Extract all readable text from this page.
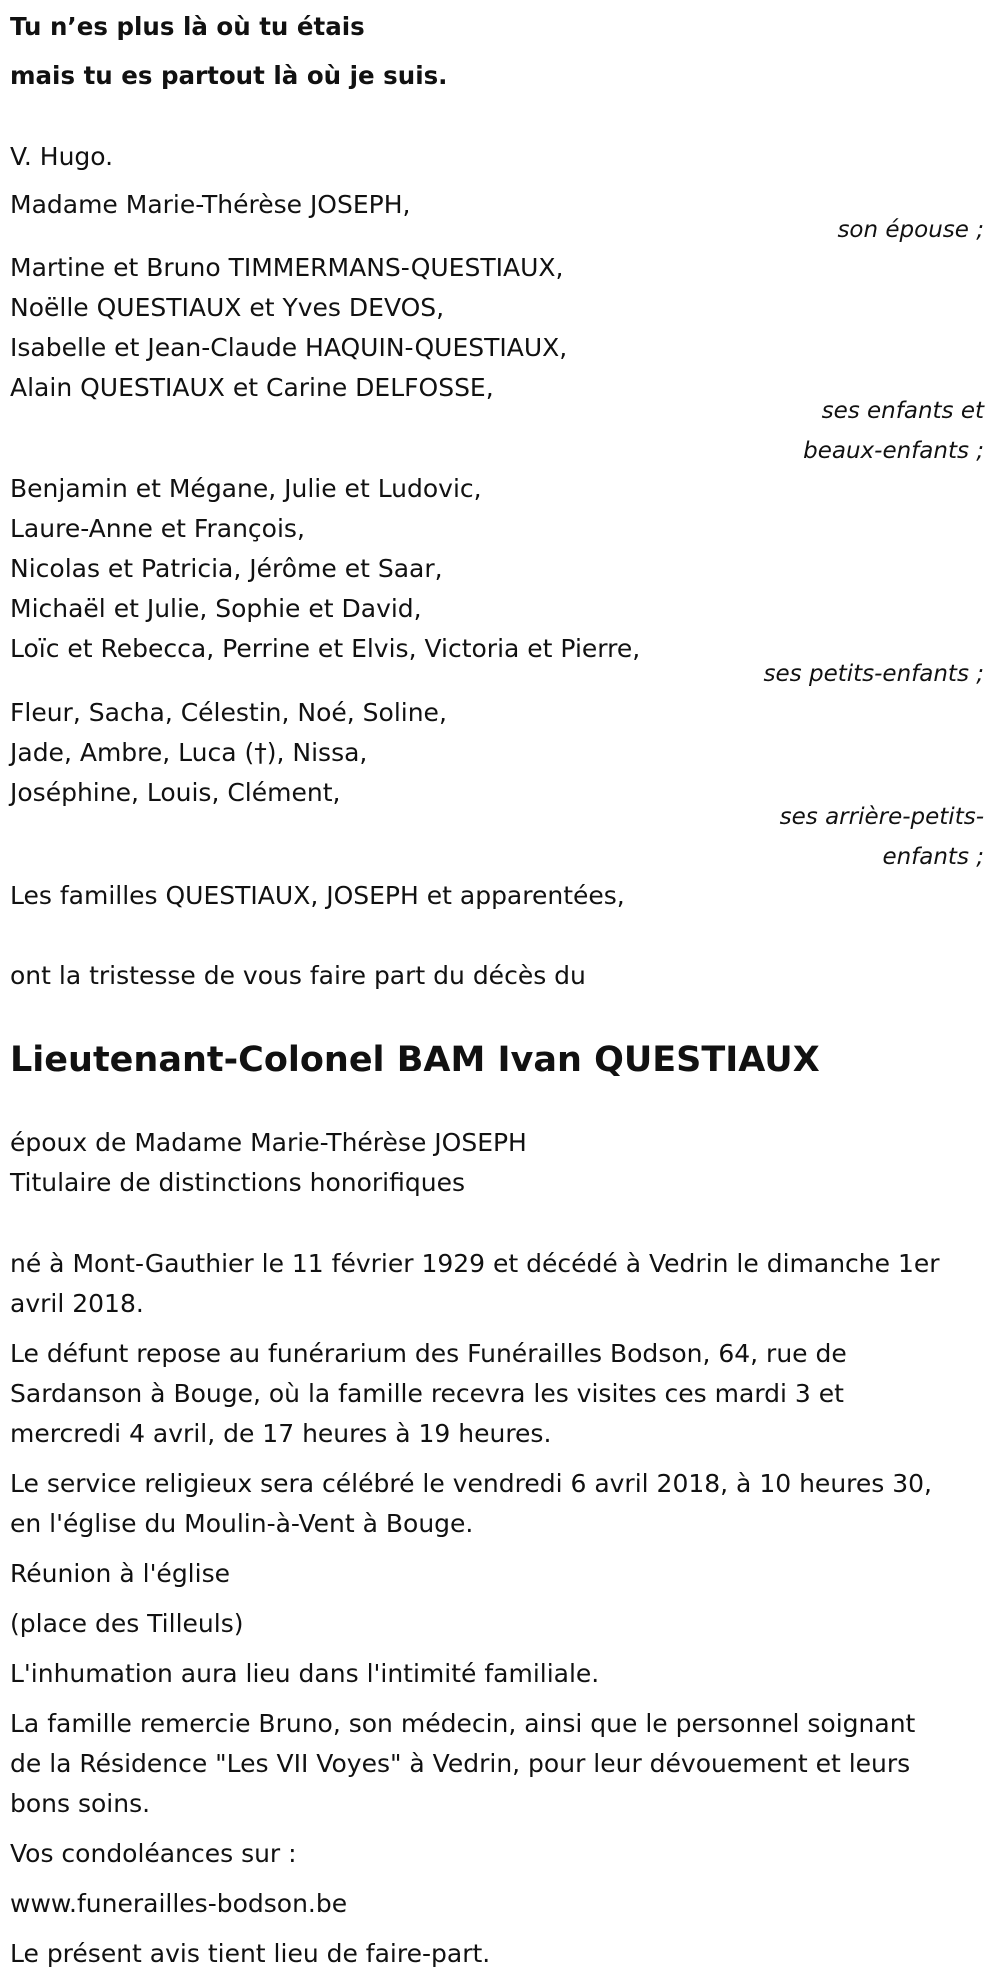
Tu n’es plus là où tu étais
mais tu es partout là où je suis.
V. Hugo.
Madame Marie-Thérèse JOSEPH,
son épouse ;
Martine et Bruno TIMMERMANS-QUESTIAUX,
Noëlle QUESTIAUX et Yves DEVOS,
Isabelle et Jean-Claude HAQUIN-QUESTIAUX,
Alain QUESTIAUX et Carine DELFOSSE,
ses enfants et
beaux-enfants ;
Benjamin et Mégane, Julie et Ludovic,
Laure-Anne et François,
Nicolas et Patricia, Jérôme et Saar,
Michaël et Julie, Sophie et David,
Loïc et Rebecca, Perrine et Elvis, Victoria et Pierre,
ses petits-enfants ;
Fleur, Sacha, Célestin, Noé, Soline,
Jade, Ambre, Luca (†), Nissa,
Joséphine, Louis, Clément,
ses arrière-petits-
enfants ;
Les familles QUESTIAUX, JOSEPH et apparentées,
ont la tristesse de vous faire part du décès du
Lieutenant-Colonel BAM Ivan QUESTIAUX
époux de Madame Marie-Thérèse JOSEPH
Titulaire de distinctions honorifiques
né à Mont-Gauthier le 11 février 1929 et décédé à Vedrin le dimanche 1er
avril 2018.
Le défunt repose au funérarium des Funérailles Bodson, 64, rue de
Sardanson à Bouge, où la famille recevra les visites ces mardi 3 et
mercredi 4 avril, de 17 heures à 19 heures.
Le service religieux sera célébré le vendredi 6 avril 2018, à 10 heures 30,
en l'église du Moulin-à-Vent à Bouge.
Réunion à l'église
(place des Tilleuls)
L'inhumation aura lieu dans l'intimité familiale.
La famille remercie Bruno, son médecin, ainsi que le personnel soignant
de la Résidence "Les VII Voyes" à Vedrin, pour leur dévouement et leurs
bons soins.
Vos condoléances sur :
www.funerailles-bodson.be
Le présent avis tient lieu de faire-part.
